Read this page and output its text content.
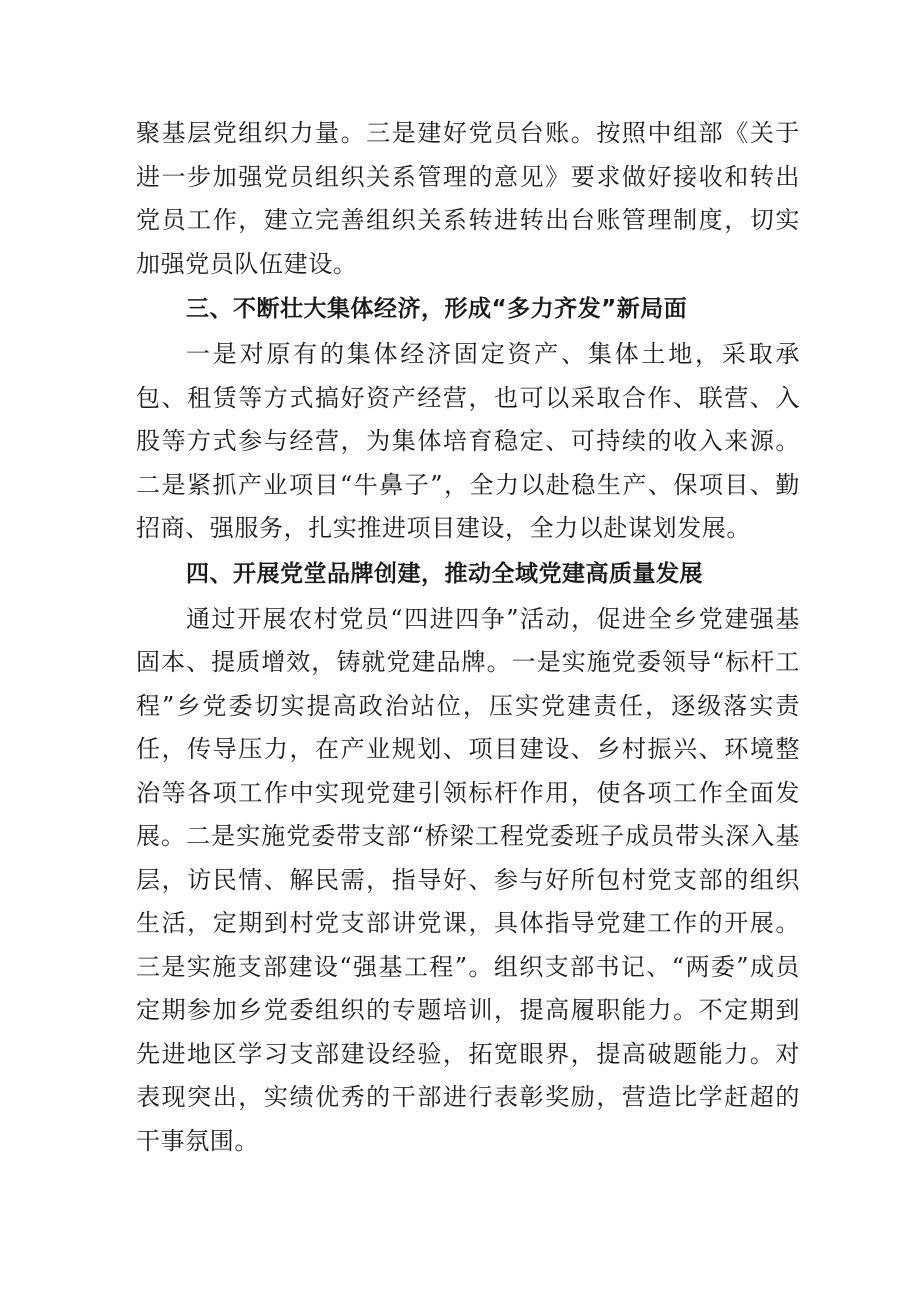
聚基层党组织力量。三是建好党员台账。按照中组部《关于进一步加强党员组织关系管理的意见》要求做好接收和转出党员工作，建立完善组织关系转进转出台账管理制度，切实加强党员队伍建设。

三、不断壮大集体经济，形成“多力齐发”新局面

一是对原有的集体经济固定资产、集体土地，采取承包、租赁等方式搞好资产经营，也可以采取合作、联营、入股等方式参与经营，为集体培育稳定、可持续的收入来源。二是紧抓产业项目“牛鼻子”，全力以赴稳生产、保项目、勤招商、强服务，扎实推进项目建设，全力以赴谋划发展。

四、开展党堂品牌创建，推动全域党建高质量发展

通过开展农村党员“四进四争”活动，促进全乡党建强基固本、提质增效，铸就党建品牌。一是实施党委领导“标杆工程”乡党委切实提高政治站位，压实党建责任，逐级落实责任，传导压力，在产业规划、项目建设、乡村振兴、环境整治等各项工作中实现党建引领标杆作用，使各项工作全面发展。二是实施党委带支部“桥梁工程党委班子成员带头深入基层，访民情、解民需，指导好、参与好所包村党支部的组织生活，定期到村党支部讲党课，具体指导党建工作的开展。三是实施支部建设“强基工程”。组织支部书记、“两委”成员定期参加乡党委组织的专题培训，提高履职能力。不定期到先进地区学习支部建设经验，拓宽眼界，提高破题能力。对表现突出，实绩优秀的干部进行表彰奖励，营造比学赶超的干事氛围。
